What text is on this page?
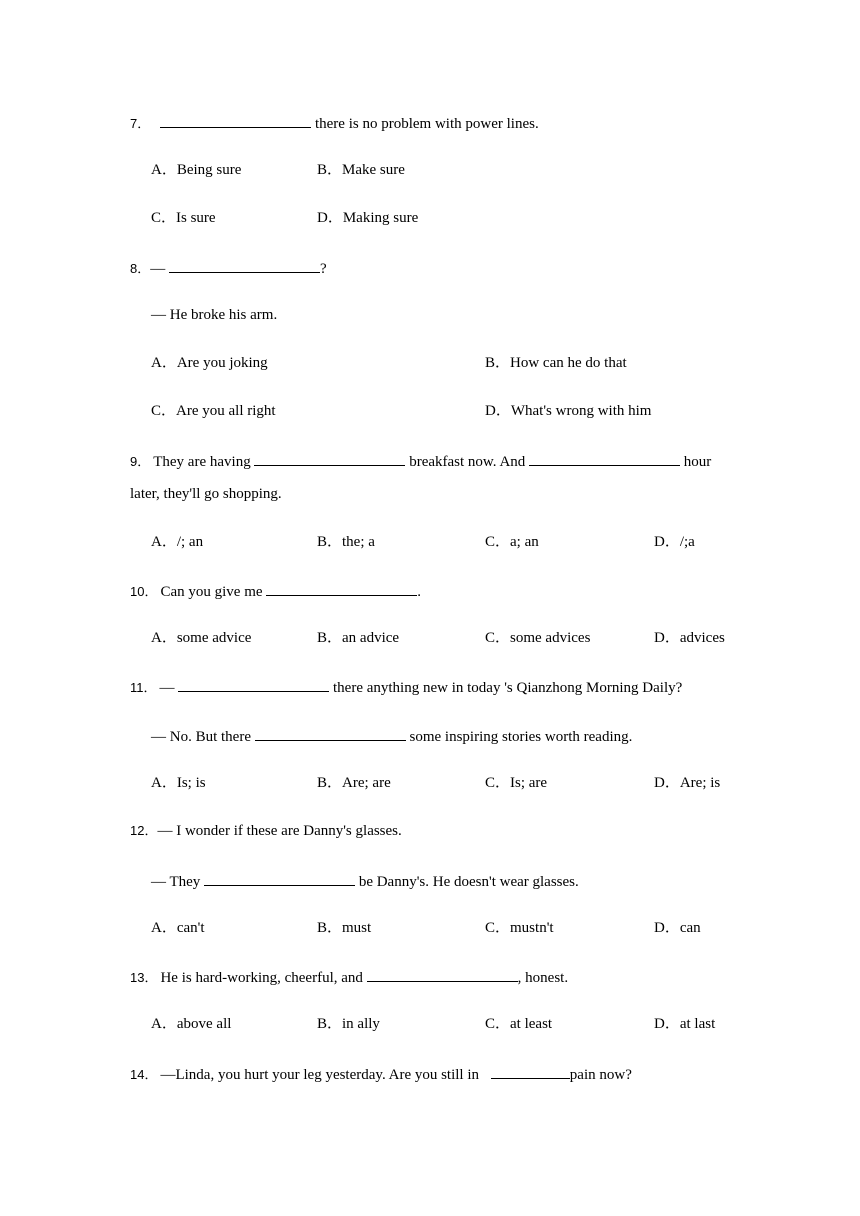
7．	there is no problem with power lines.
A．Being sure	B．Make sure
C．Is sure	D．Making sure
8．—	?
— He broke his arm.
A．Are you joking	B．How can he do that
C．Are you all right	D．What's wrong with him
9． They are having	breakfast now. And	hour
later, they'll go shopping.
A．/; an	B．the; a	C．a; an	D．/;a
10． Can you give me	.
A．some advice	B．an advice	C．some advices	D．advices
11． —	there anything new in today 's Qianzhong Morning Daily?
— No. But there	some inspiring stories worth reading.
A．Is; is	B．Are; are	C．Is; are	D．Are; is
12．— I wonder if these are Danny's glasses.
— They	be Danny's. He doesn't wear glasses.
A．can't	B．must	C．mustn't	D．can
13． He is hard-working, cheerful, and	, honest.
A．above all	B．in ally	C．at least	D．at last
14． —Linda, you hurt your leg yesterday. Are you still in	pain now?
